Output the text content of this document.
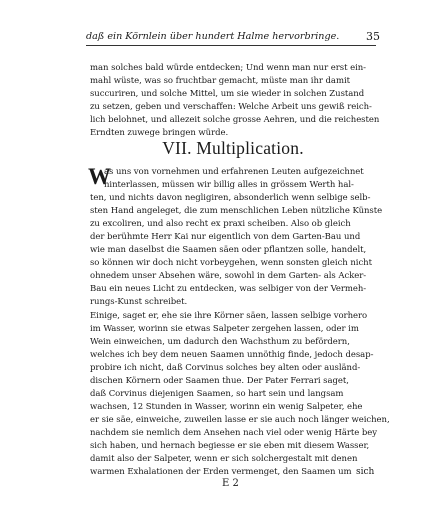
daß ein Körnlein über hundert Halme hervorbringe. 35
man solches bald würde entdecken; Und wenn man nur erst ein-
mahl wüste, was so fruchtbar gemacht, müste man ihr damit
succuriren, und solche Mittel, um sie wieder in solchen Zustand
zu setzen, geben und verschaffen: Welche Arbeit uns gewiß reich-
lich belohnet, und allezeit solche grosse Aehren, und die reichesten
Erndten zuwege bringen würde.
VII. Multiplication.
W
as uns von vornehmen und erfahrenen Leuten aufgezeichnet
hinterlassen, müssen wir billig alles in grössem Werth hal-
ten, und nichts davon negligiren, absonderlich wenn selbige selb-
sten Hand angeleget, die zum menschlichen Leben nützliche Künste
zu excoliren, und also recht ex praxi scheiben. Also ob gleich
der berühmte Herr Kai nur eigentlich von dem Garten-Bau und
wie man daselbst die Saamen säen oder pflantzen solle, handelt,
so können wir doch nicht vorbeygehen, wenn sonsten gleich nicht
ohnedem unser Absehen wäre, sowohl in dem Garten- als Acker-
Bau ein neues Licht zu entdecken, was selbiger von der Vermeh-
rungs-Kunst schreibet.
Einige, saget er, ehe sie ihre Körner säen, lassen selbige vorhero
im Wasser, worinn sie etwas Salpeter zergehen lassen, oder im
Wein einweichen, um dadurch den Wachsthum zu befördern,
welches ich bey dem neuen Saamen unnöthig finde, jedoch desap-
probire ich nicht, daß Corvinus solches bey alten oder ausländ-
dischen Körnern oder Saamen thue. Der Pater Ferrari saget,
daß Corvinus diejenigen Saamen, so hart sein und langsam
wachsen, 12 Stunden in Wasser, worinn ein wenig Salpeter, ehe
er sie säe, einweiche, zuweilen lasse er sie auch noch länger weichen,
nachdem sie nemlich dem Ansehen nach viel oder wenig Härte bey
sich haben, und hernach begiesse er sie eben mit diesem Wasser,
damit also der Salpeter, wenn er sich solchergestalt mit denen
warmen Exhalationen der Erden vermenget, den Saamen um
E 2
sich
